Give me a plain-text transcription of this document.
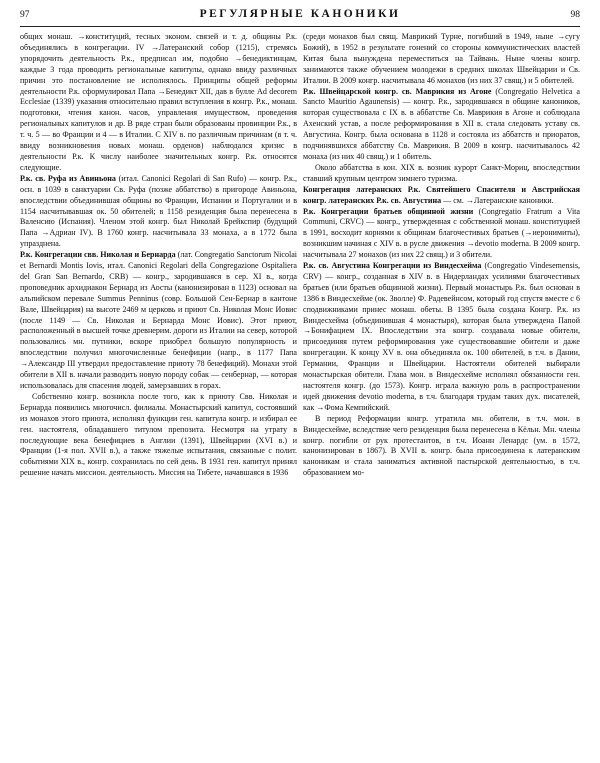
97	РЕГУЛЯРНЫЕ КАНОНИКИ	98

общих монаш. →конституций, тесных эконом. связей и т. д. общины Р.к. объединялись в конгрегации. IV →Латеранский собор (1215), стремясь упорядочить деятельность Р.к., предписал им, подобно →бенедиктинцам, каждые 3 года проводить региональные капитулы, однако ввиду различных причин это постановление не исполнялось. Принципы общей реформы деятельности Р.к. сформулировал Папа →Бенедикт XII, дав в булле Ad decorem Ecclesiae (1339) указания относительно правил вступления в конгр. Р.к., монаш. подготовки, чтения канон. часов, управления имуществом, проведения региональных капитулов и др. В ряде стран были образованы провинции Р.к., в т. ч. 5 — во Франции и 4 — в Италии. С XIV в. по различным причинам (в т. ч. ввиду возникновения новых монаш. орденов) наблюдался кризис в деятельности Р.к. К числу наиболее значительных конгр. Р.к. относятся следующие.

Р.к. св. Руфа из Авиньона (итал. Canonici Regolari di San Rufo) — конгр. Р.к., осн. в 1039 в санктуарии Св. Руфа (позже аббатство) в пригороде Авиньона, впоследствии объединившая общины во Франции, Испании и Португалии и в 1154 насчитывавшая ок. 50 обителей; в 1158 резиденция была перенесена в Валенсию (Испания). Членом этой конгр. был Николай Брейкспир (будущий Папа →Адриан IV). В 1760 конгр. насчитывала 33 монаха, а в 1772 была упразднена.

Р.к. Конгрегации свв. Николая и Бернарда (лат. Congregatio Sanctorum Nicolai et Bernardi Montis Iovis, итал. Canonici Regolari della Congregazione Ospitaliera del Gran San Bernardo, CRB) — конгр., зародившаяся в сер. XI в., когда проповедник архидиакон Бернард из Аосты (канонизирован в 1123) основал на альпийском перевале Summus Penninus (совр. Большой Сен-Бернар в кантоне Вале, Швейцария) на высоте 2469 м церковь и приют Св. Николая Монс Иовис (после 1149 — Св. Николая и Бернарда Монс Иовис). Этот приют, расположенный в высшей точке древнерим. дороги из Италии на север, которой пользовались мн. путники, вскоре приобрел большую популярность и впоследствии получил многочисленные бенефиции (напр., в 1177 Папа →Александр III утвердил предоставление приюту 78 бенефиций). Монахи этой обители в XII в. начали разводить новую породу собак — сенбернар, — которая использовалась для спасения людей, замерзавших в горах.

Собственно конгр. возникла после того, как к приюту Свв. Николая и Бернарда появились многочисл. филиалы. Монастырский капитул, состоявший из монахов этого приюта, исполнял функции ген. капитула конгр. и избирал ее ген. настоятеля, обладавшего титулом препозита. Несмотря на утрату в последующие века бенефициев в Англии (1391), Швейцарии (XVI в.) и Франции (1-я пол. XVII в.), а также тяжелые испытания, связанные с полит. событиями XIX в., конгр. сохранилась по сей день. В 1931 ген. капитул принял решение начать миссион. деятельность. Миссия на Тибете, начавшаяся в 1936

(среди монахов был свящ. Маврикий Турне, погибший в 1949, ныне →сугу Божий), в 1952 в результате гонений со стороны коммунистических властей Китая была вынуждена переместиться на Тайвань. Ныне члены конгр. занимаются также обучением молодежи в средних школах Швейцарии и Св. Италии. В 2009 конгр. насчитывала 46 монахов (из них 37 свящ.) и 5 обителей.

Р.к. Швейцарской конгр. св. Маврикия из Агоне (Congregatio Helvetica a Sancto Mauritio Agaunensis) — конгр. Р.к., зародившаяся в общине каноников, которая существовала с IX в. в аббатстве Св. Маврикия в Агоне и соблюдала Ахенский устав, а после реформирования в XII в. стала следовать уставу св. Августина. Конгр. была основана в 1128 и состояла из аббатств и приоратов, подчинявшихся аббатству Св. Маврикия. В 2009 в конгр. насчитывалось 42 монаха (из них 40 свящ.) и 1 обитель.

Около аббатства в кон. XIX в. возник курорт Санкт-Мориц, впоследствии ставший крупным центром зимнего туризма.

Конгрегация латеранских Р.к. Святейшего Спасителя и Австрийская конгр. латеранских Р.к. св. Августина — см. →Латеранские каноники.

Р.к. Конгрегации братьев общинной жизни (Congregatio Fratrum a Vita Communi, CRVC) — конгр., утвержденная с собственной монаш. конституцией в 1991, восходит корнями к общинам благочестивых братьев (→иеронимиты), возникшим начиная с XIV в. в русле движения →devotio moderna. В 2009 конгр. насчитывала 27 монахов (из них 22 свящ.) и 3 обители.

Р.к. св. Августина Конгрегации из Виндесхейма (Congregatio Vindesemensis, CRV) — конгр., созданная в XIV в. в Нидерландах усилиями благочестивых братьев (или братьев общинной жизни). Первый монастырь Р.к. был основан в 1386 в Виндесхейме (ок. Зволле) Ф. Радевейнсом, который год спустя вместе с 6 сподвижниками принес монаш. обеты. В 1395 была создана Конгр. Р.к. из Виндесхейма (объединившая 4 монастыря), которая была утверждена Папой →Бонифацием IX. Впоследствии эта конгр. создавала новые обители, присоединяя путем реформирования уже существовавшие обители и даже конгрегации. К концу XV в. она объединяла ок. 100 обителей, в т.ч. в Дании, Германии, Франции и Швейцарии. Настоятели обителей выбирали монастырская обители. Глава мон. в Виндесхейме исполнял обязанности ген. настоятеля конгр. (до 1573). Конгр. играла важную роль в распространении идей движения devotio moderna, в т.ч. благодаря трудам таких дух. писателей, как →Фома Кемпийский.

В период Реформации конгр. утратила мн. обители, в т.ч. мон. в Виндесхейме, вследствие чего резиденция была перенесена в Кёльн. Мн. члены конгр. погибли от рук протестантов, в т.ч. Иоанн Ленардс (ум. в 1572, канонизирован в 1867). В XVII в. конгр. была присоединена к латеранским каноникам и стала заниматься активной пастырской деятельностью, в т.ч. образованием мо-
